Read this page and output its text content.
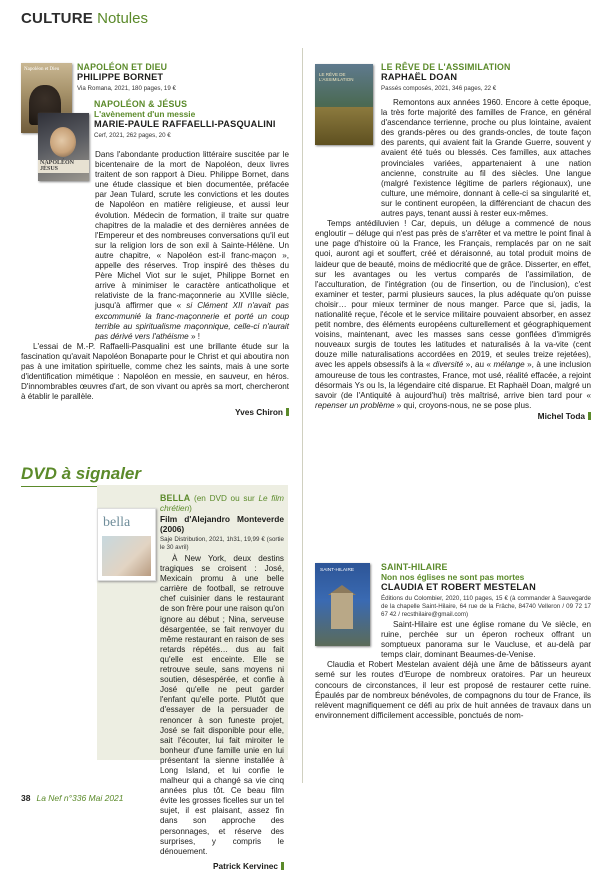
CULTURE Notules
Napoléon et Dieu
NAPOLÉON JÉSUS
LE RÊVE DE L'ASSIMILATION
NAPOLÉON ET DIEU
PHILIPPE BORNET
Via Romana, 2021, 180 pages, 19 €
NAPOLÉON & JÉSUS
L'avènement d'un messie
MARIE-PAULE RAFFAELLI-PASQUALINI
Cerf, 2021, 262 pages, 20 €

Dans l'abondante production littéraire suscitée par le bicentenaire de la mort de Napoléon, deux livres traitent de son rapport à Dieu. Philippe Bornet, dans une étude classique et bien documentée, préfacée par Jean Tulard, scrute les convictions et les doutes de Napoléon en matière religieuse, et aussi leur évolution. Médecin de formation, il traite sur quatre chapitres de la maladie et des dernières années de l'Empereur et des nombreuses conversations qu'il eut sur la religion lors de son exil à Sainte-Hélène. Un autre chapitre, « Napoléon est-il franc-maçon », appelle des réserves. Trop inspiré des thèses du Père Michel Viot sur le sujet, Philippe Bornet en arrive à minimiser le caractère anticatholique et relativiste de la franc-maçonnerie au XVIIIe siècle, jusqu'à affirmer que « si Clément XII n'avait pas excommunié la franc-maçonnerie et porté un coup terrible au spiritualisme maçonnique, celle-ci n'aurait pas dérivé vers l'athéisme » !

L'essai de M.-P. Raffaelli-Pasqualini est une brillante étude sur la fascination qu'avait Napoléon Bonaparte pour le Christ et qui aboutira non pas à une imitation spirituelle, comme chez les saints, mais à une sorte d'identification mimétique : Napoléon en messie, en sauveur, en héros. D'innombrables œuvres d'art, de son vivant ou après sa mort, chercheront à établir le parallèle.

Yves Chiron
DVD à signaler
bella
BELLA (en DVD ou sur Le film chrétien)
Film d'Alejandro Monteverde (2006)
Saje Distribution, 2021, 1h31, 19,99 € (sortie le 30 avril)

À New York, deux destins tragiques se croisent : José, Mexicain promu à une belle carrière de football, se retrouve chef cuisinier dans le restaurant de son frère pour une raison qu'on ignore au début ; Nina, serveuse désargentée, se fait renvoyer du même restaurant en raison de ses retards répétés… dus au fait qu'elle est enceinte. Elle se retrouve seule, sans moyens ni soutien, désespérée, et confie à José qu'elle ne peut garder l'enfant qu'elle porte. Plutôt que d'essayer de la persuader de renoncer à son funeste projet, José se fait disponible pour elle, sait l'écouter, lui fait miroiter le bonheur d'une famille unie en lui présentant la sienne installée à Long Island, et lui confie le malheur qui a changé sa vie cinq années plus tôt. Ce beau film évite les grosses ficelles sur un tel sujet, il est plaisant, assez fin dans son approche des personnages, et réserve des surprises, y compris le dénouement.

Patrick Kervinec
LE RÊVE DE L'ASSIMILATION
RAPHAËL DOAN
Passés composés, 2021, 346 pages, 22 €

Remontons aux années 1960. Encore à cette époque, la très forte majorité des familles de France, en général d'ascendance terrienne, proche ou plus lointaine, avaient des grands-pères ou des grands-oncles, de toute façon des parents, qui avaient fait la Grande Guerre, souvent y avaient été tués ou blessés. Ces familles, aux attaches provinciales variées, appartenaient à une nation ancienne, construite au fil des siècles. Une langue (malgré l'existence légitime de parlers régionaux), une culture, une mémoire, donnant à celle-ci sa singularité et, sur le continent européen, la différenciant de chacun des autres pays, tenant aussi à rester eux-mêmes.

Temps antédiluvien ! Car, depuis, un déluge a commencé de nous engloutir – déluge qui n'est pas près de s'arrêter et va mettre le point final à une page d'histoire où la France, les Français, remplacés par on ne sait quoi, auront agi et souffert, créé et déraisonné, au total produit moins de laideur que de beauté, moins de médiocrité que de grâce. Disserter, en effet, sur les avantages ou les vertus comparés de l'assimilation, de l'acculturation, de l'intégration (ou de l'insertion, ou de l'inclusion), c'est examiner et tester, parmi plusieurs sauces, la plus adéquate qu'on puisse choisir… pour mieux terminer de nous manger. Parce que si, jadis, la nationalité reçue, l'école et le service militaire pouvaient absorber, en assez petit nombre, des éléments européens culturellement et géographiquement voisins, maintenant, avec les masses sans cesse gonflées d'immigrés nouveaux surgis de toutes les latitudes et naturalisés à la va-vite (cent douze mille naturalisations accordées en 2019, et seules treize rejetées), avec les appels obsessifs à la « diversité », au « mélange », à une inclusion amoureuse de tous les contrastes, France, mot usé, réalité effacée, a rejoint désormais Ys ou Is, la légendaire cité disparue. Et Raphaël Doan, malgré un savoir (de l'Antiquité à aujourd'hui) très maîtrisé, arrive bien tard pour « repenser un problème » qui, croyons-nous, ne se pose plus.

Michel Toda
SAINT-HILAIRE	SAINT-HILAIRE
Non nos églises ne sont pas mortes
CLAUDIA ET ROBERT MESTELAN
Éditions du Colombier, 2020, 110 pages, 15 € (à commander à Sauvegarde de la chapelle Saint-Hilaire, 64 rue de la Frâche, 84740 Velleron / 09 72 17 67 42 / recsthilaire@gmail.com)

Saint-Hilaire est une église romane du Ve siècle, en ruine, perchée sur un éperon rocheux offrant un somptueux panorama sur le Vaucluse, et au-delà par temps clair, dominant Beaumes-de-Venise.

Claudia et Robert Mestelan avaient déjà une âme de bâtisseurs ayant semé sur les routes d'Europe de nombreux oratoires. Par un heureux concours de circonstances, il leur est proposé de restaurer cette ruine. Épaulés par de nombreux bénévoles, de compagnons du tour de France, ils relèvent magnifiquement ce défi au prix de huit années de travaux dans un environnement difficilement accessible, ponctués de nom-

38 La Nef n°336 Mai 2021
